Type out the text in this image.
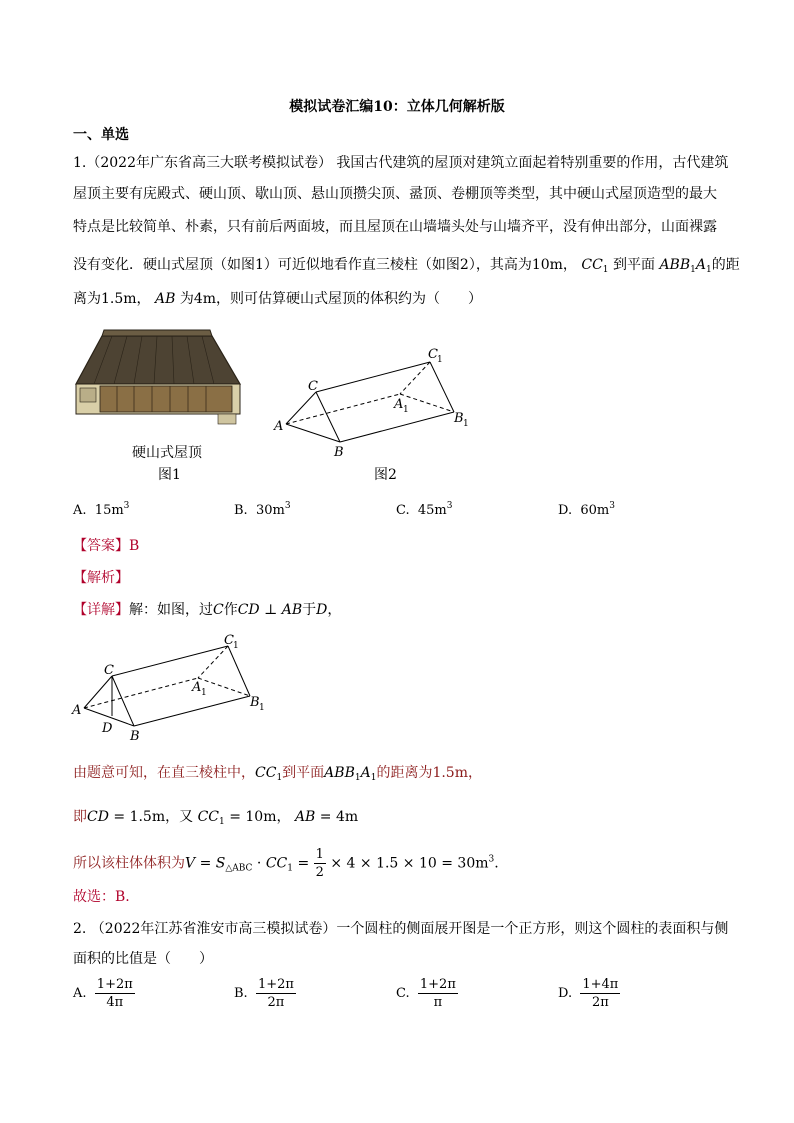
模拟试卷汇编10：立体几何解析版
一、单选
1.（2022年广东省高三大联考模拟试卷） 我国古代建筑的屋顶对建筑立面起着特别重要的作用，古代建筑
屋顶主要有庑殿式、硬山顶、歇山顶、悬山顶攒尖顶、盝顶、卷棚顶等类型，其中硬山式屋顶造型的最大
特点是比较简单、朴素，只有前后两面坡，而且屋顶在山墙墙头处与山墙齐平，没有伸出部分，山面裸露
没有变化．硬山式屋顶（如图1）可近似地看作直三棱柱（如图2），其高为10m， $CC_1$ 到平面 $ABB_1A_1$的距
离为1.5m， AB 为4m，则可估算硬山式屋顶的体积约为（　　）
硬山式屋顶
图1
C
C 1
A 1
A
B 1
B
图2
A. $15m^3$	B. $30m^3$	C. $45m^3$	D. $60m^3$
【答案】B
【解析】
【详解】解：如图，过C作CD ⊥ AB于D，
C
C 1
A 1
A
D
B 1
B
由题意可知，在直三棱柱中，$CC_1$到平面$ABB_1A_1$的距离为1.5m，
即CD = 1.5m，又 $CC_1 = 10m$， AB = 4m
所以该柱体体积为$V = S_{\triangle ABC} \cdot CC_1 = \frac{1}{2} \times 4 \times 1.5 \times 10 = 30m^3$.
故选：B.
2. （2022年江苏省淮安市高三模拟试卷）一个圆柱的侧面展开图是一个正方形，则这个圆柱的表面积与侧
面积的比值是（　　）
A. $\frac{1+2\pi}{4\pi}$	B. $\frac{1+2\pi}{2\pi}$	C. $\frac{1+2\pi}{\pi}$	D. $\frac{1+4\pi}{2\pi}$
